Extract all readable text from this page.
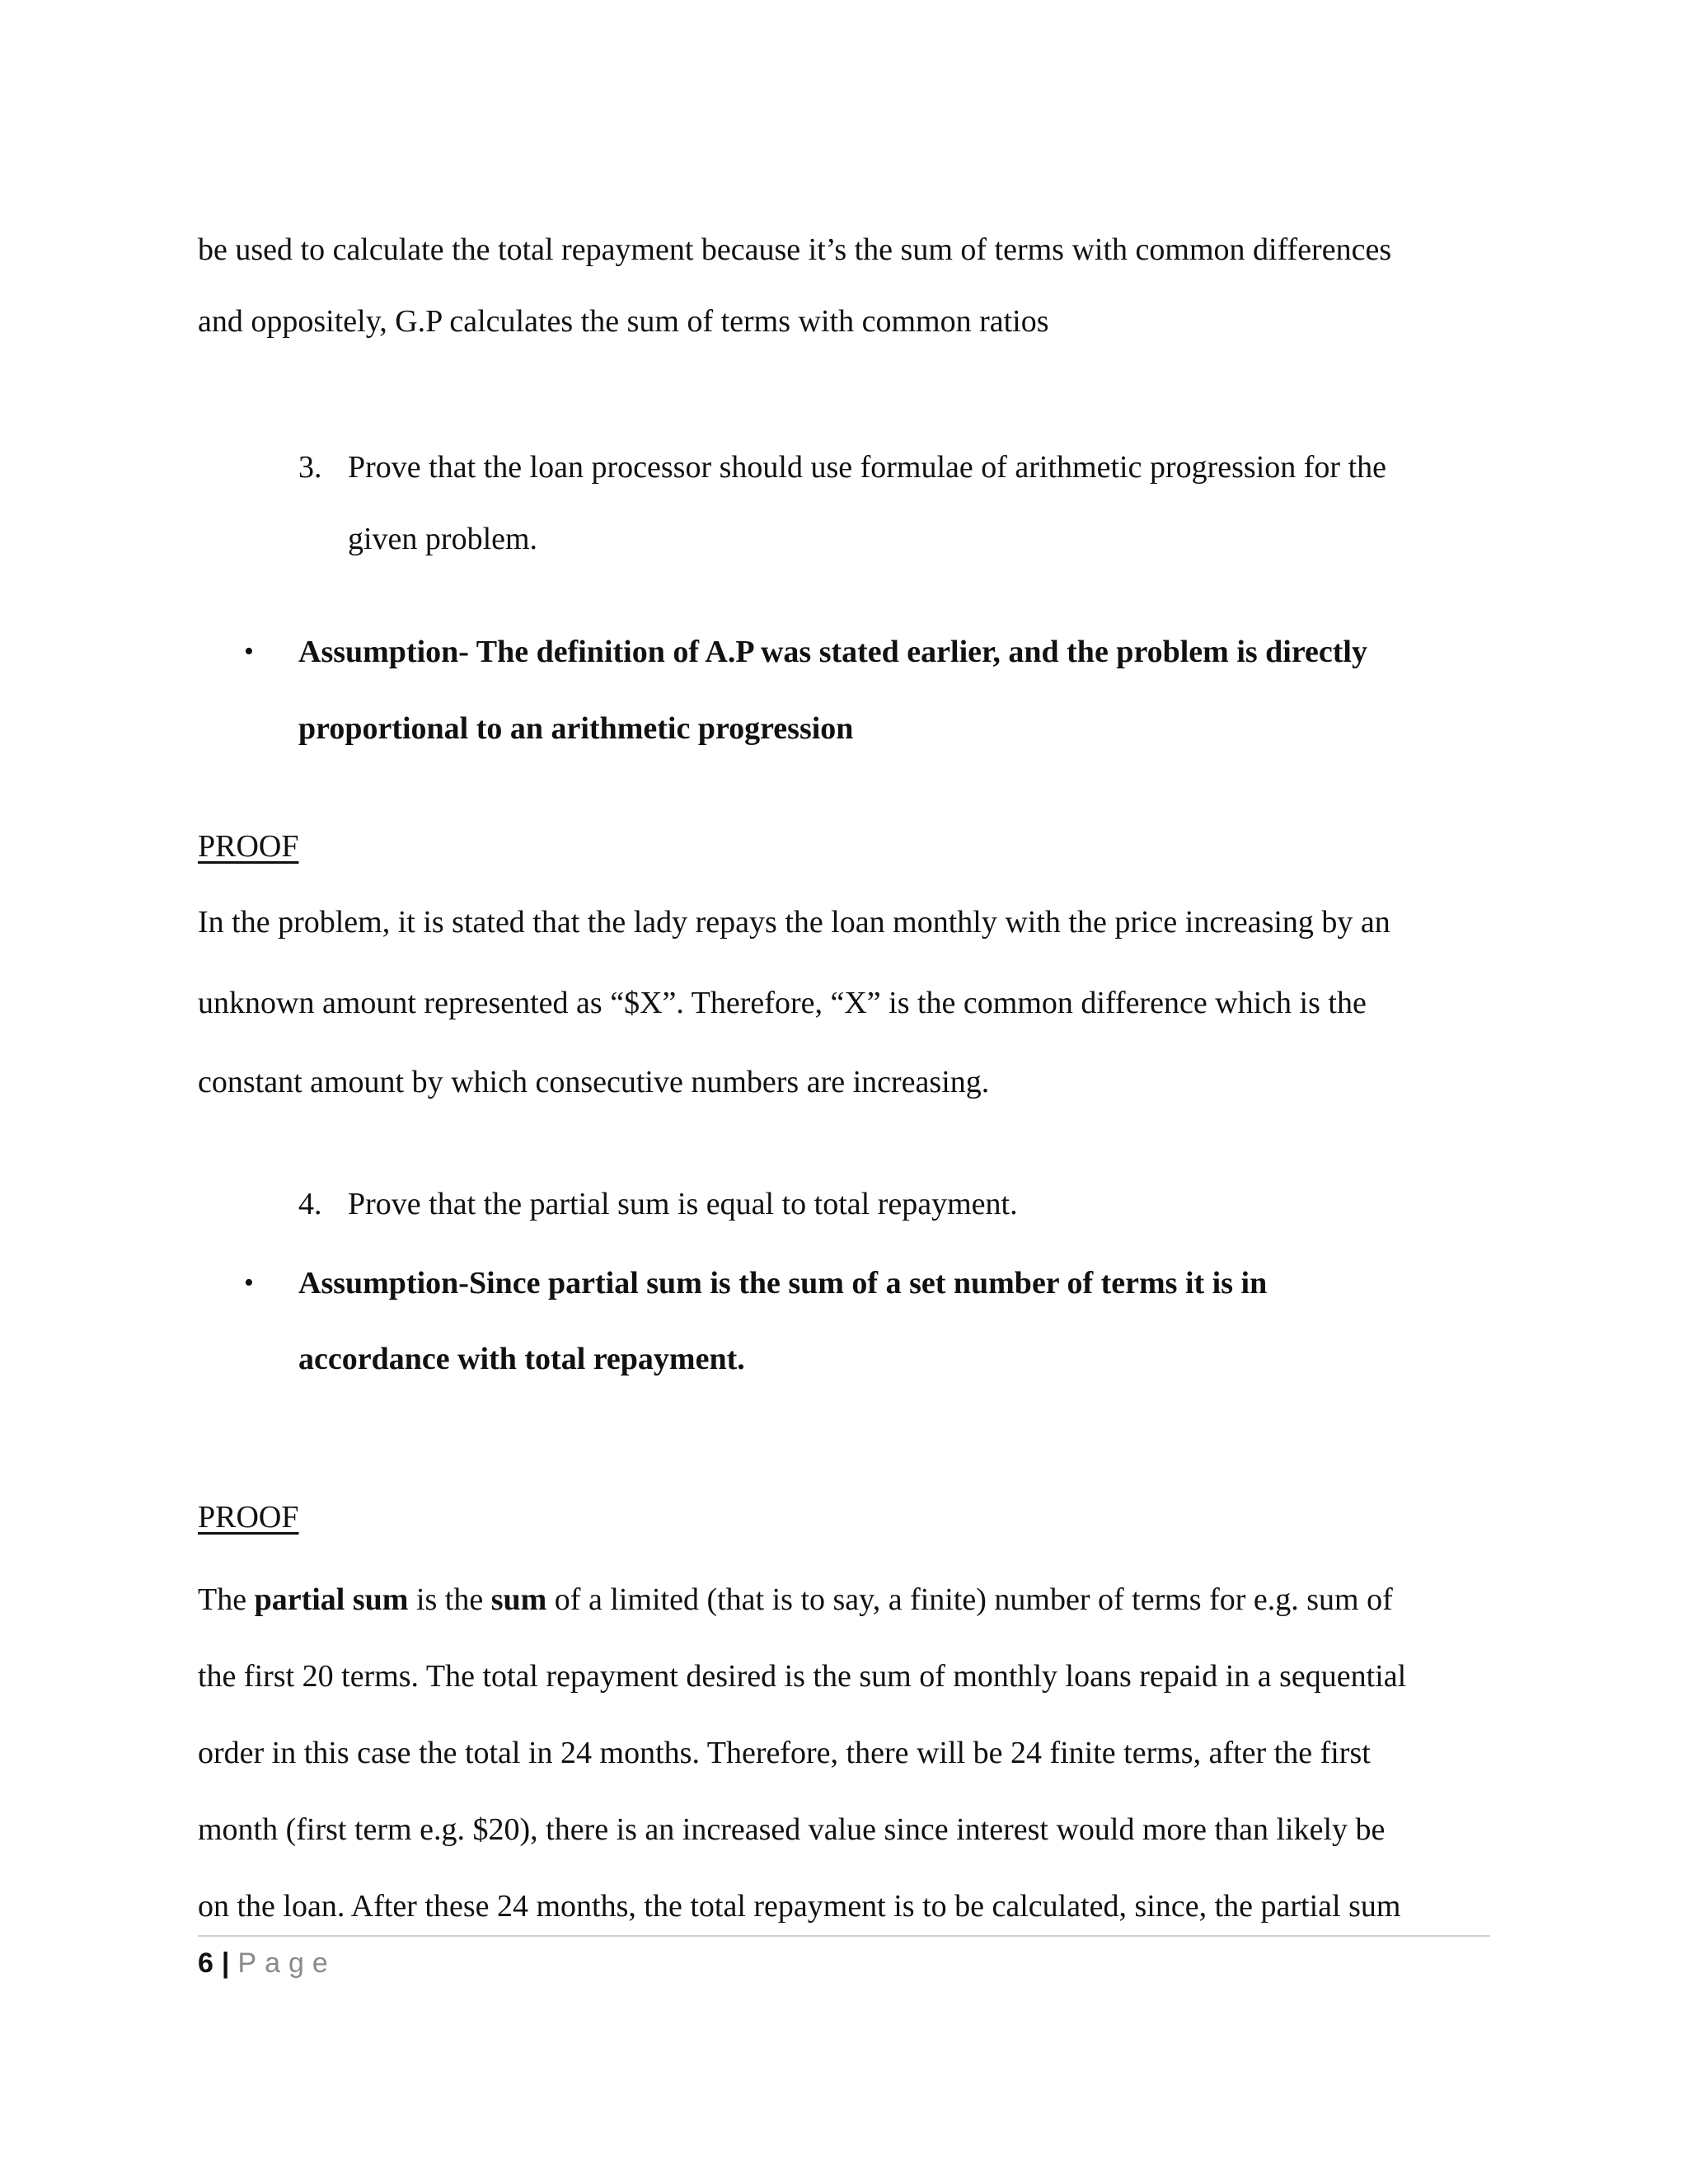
be used to calculate the total repayment because it’s the sum of terms with common differences
and oppositely, G.P calculates the sum of terms with common ratios
3. Prove that the loan processor should use formulae of arithmetic progression for the
given problem.
• Assumption- The definition of A.P was stated earlier, and the problem is directly
proportional to an arithmetic progression
PROOF
In the problem, it is stated that the lady repays the loan monthly with the price increasing by an
unknown amount represented as “$X”. Therefore, “X” is the common difference which is the
constant amount by which consecutive numbers are increasing.
4. Prove that the partial sum is equal to total repayment.
• Assumption-Since partial sum is the sum of a set number of terms it is in
accordance with total repayment.
PROOF
The partial sum is the sum of a limited (that is to say, a finite) number of terms for e.g. sum of
the first 20 terms. The total repayment desired is the sum of monthly loans repaid in a sequential
order in this case the total in 24 months. Therefore, there will be 24 finite terms, after the first
month (first term e.g. $20), there is an increased value since interest would more than likely be
on the loan. After these 24 months, the total repayment is to be calculated, since, the partial sum
6 | Page
